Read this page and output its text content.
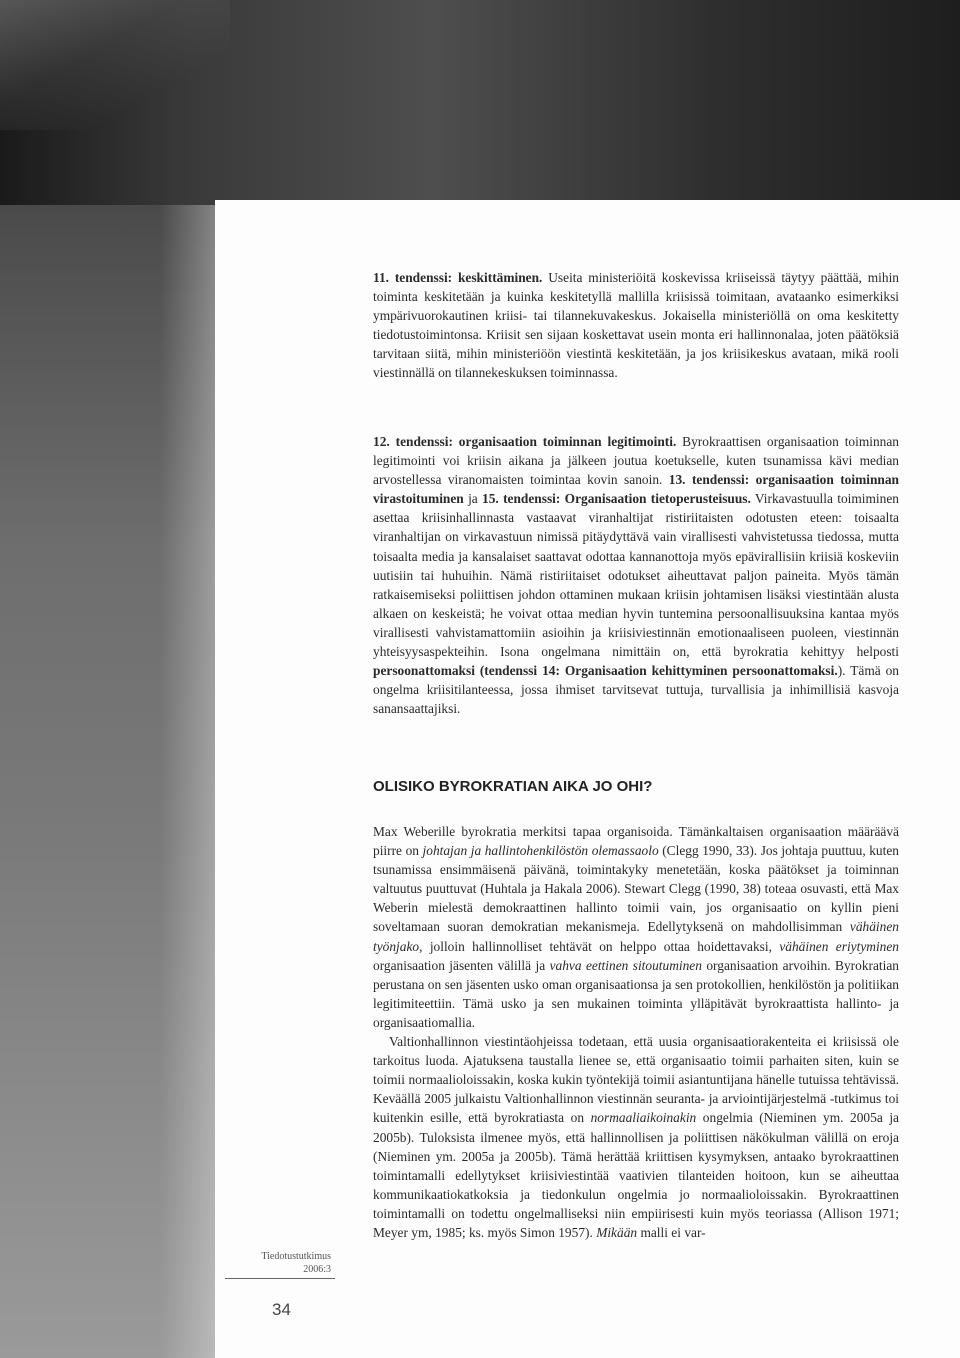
11. tendenssi: keskittäminen. Useita ministeriöitä koskevissa kriiseissä täytyy päättää, mihin toiminta keskitetään ja kuinka keskitetyllä mallilla kriisissä toimitaan, avataanko esimerkiksi ympärivuorokautinen kriisi- tai tilannekuvakeskus. Jokaisella ministeriöllä on oma keskitetty tiedotustoimintonsa. Kriisit sen sijaan koskettavat usein monta eri hallinnonalaa, joten päätöksiä tarvitaan siitä, mihin ministeriöön viestintä keskitetään, ja jos kriisikeskus avataan, mikä rooli viestinnällä on tilannekeskuksen toiminnassa.

12. tendenssi: organisaation toiminnan legitimointi. Byrokraattisen organisaation toiminnan legitimointi voi kriisin aikana ja jälkeen joutua koetukselle, kuten tsunamissa kävi median arvostellessa viranomaisten toimintaa kovin sanoin. 13. tendenssi: organisaation toiminnan virastoituminen ja 15. tendenssi: Organisaation tietoperusteisuus. Virkavastuulla toimiminen asettaa kriisinhallinnasta vastaavat viranhaltijat ristiriitaisten odotusten eteen: toisaalta viranhaltijan on virkavastuun nimissä pitäydyttävä vain virallisesti vahvistetussa tiedossa, mutta toisaalta media ja kansalaiset saattavat odottaa kannanottoja myös epävirallisiin kriisiä koskeviin uutisiin tai huhuihin. Nämä ristiriitaiset odotukset aiheuttavat paljon paineita. Myös tämän ratkaisemiseksi poliittisen johdon ottaminen mukaan kriisin johtamisen lisäksi viestintään alusta alkaen on keskeistä; he voivat ottaa median hyvin tuntemina persoonallisuuksina kantaa myös virallisesti vahvistamattomiin asioihin ja kriisiviestinnän emotionaaliseen puoleen, viestinnän yhteisyysaspekteihin. Isona ongelmana nimittäin on, että byrokratia kehittyy helposti persoonattomaksi (tendenssi 14: Organisaation kehittyminen persoonattomaksi.). Tämä on ongelma kriisitilanteessa, jossa ihmiset tarvitsevat tuttuja, turvallisia ja inhimillisiä kasvoja sanansaattajiksi.

OLISIKO BYROKRATIAN AIKA JO OHI?

Max Weberille byrokratia merkitsi tapaa organisoida. Tämänkaltaisen organisaation määräävä piirre on johtajan ja hallintohenkilöstön olemassaolo (Clegg 1990, 33). Jos johtaja puuttuu, kuten tsunamissa ensimmäisenä päivänä, toimintakyky menetetään, koska päätökset ja toiminnan valtuutus puuttuvat (Huhtala ja Hakala 2006). Stewart Clegg (1990, 38) toteaa osuvasti, että Max Weberin mielestä demokraattinen hallinto toimii vain, jos organisaatio on kyllin pieni soveltamaan suoran demokratian mekanismeja. Edellytyksenä on mahdollisimman vähäinen työnjako, jolloin hallinnolliset tehtävät on helppo ottaa hoidettavaksi, vähäinen eriytyminen organisaation jäsenten välillä ja vahva eettinen sitoutuminen organisaation arvoihin. Byrokratian perustana on sen jäsenten usko oman organisaationsa ja sen protokollien, henkilöstön ja politiikan legitimiteettiin. Tämä usko ja sen mukainen toiminta ylläpitävät byrokraattista hallinto- ja organisaatiomallia.

Valtionhallinnon viestintäohjeissa todetaan, että uusia organisaatiorakenteita ei kriisissä ole tarkoitus luoda. Ajatuksena taustalla lienee se, että organisaatio toimii parhaiten siten, kuin se toimii normaalioloissakin, koska kukin työntekijä toimii asiantuntijana hänelle tutuissa tehtävissä. Keväällä 2005 julkaistu Valtionhallinnon viestinnän seuranta- ja arviointijärjestelmä -tutkimus toi kuitenkin esille, että byrokratiasta on normaaliaikoinakin ongelmia (Nieminen ym. 2005a ja 2005b). Tuloksista ilmenee myös, että hallinnollisen ja poliittisen näkökulman välillä on eroja (Nieminen ym. 2005a ja 2005b). Tämä herättää kriittisen kysymyksen, antaako byrokraattinen toimintamalli edellytykset kriisiviestintää vaativien tilanteiden hoitoon, kun se aiheuttaa kommunikaatiokatkoksia ja tiedonkulun ongelmia jo normaalioloissakin. Byrokraattinen toimintamalli on todettu ongelmalliseksi niin empiirisesti kuin myös teoriassa (Allison 1971; Meyer ym, 1985; ks. myös Simon 1957). Mikään malli ei var-

Tiedotustutkimus
2006:3
34
